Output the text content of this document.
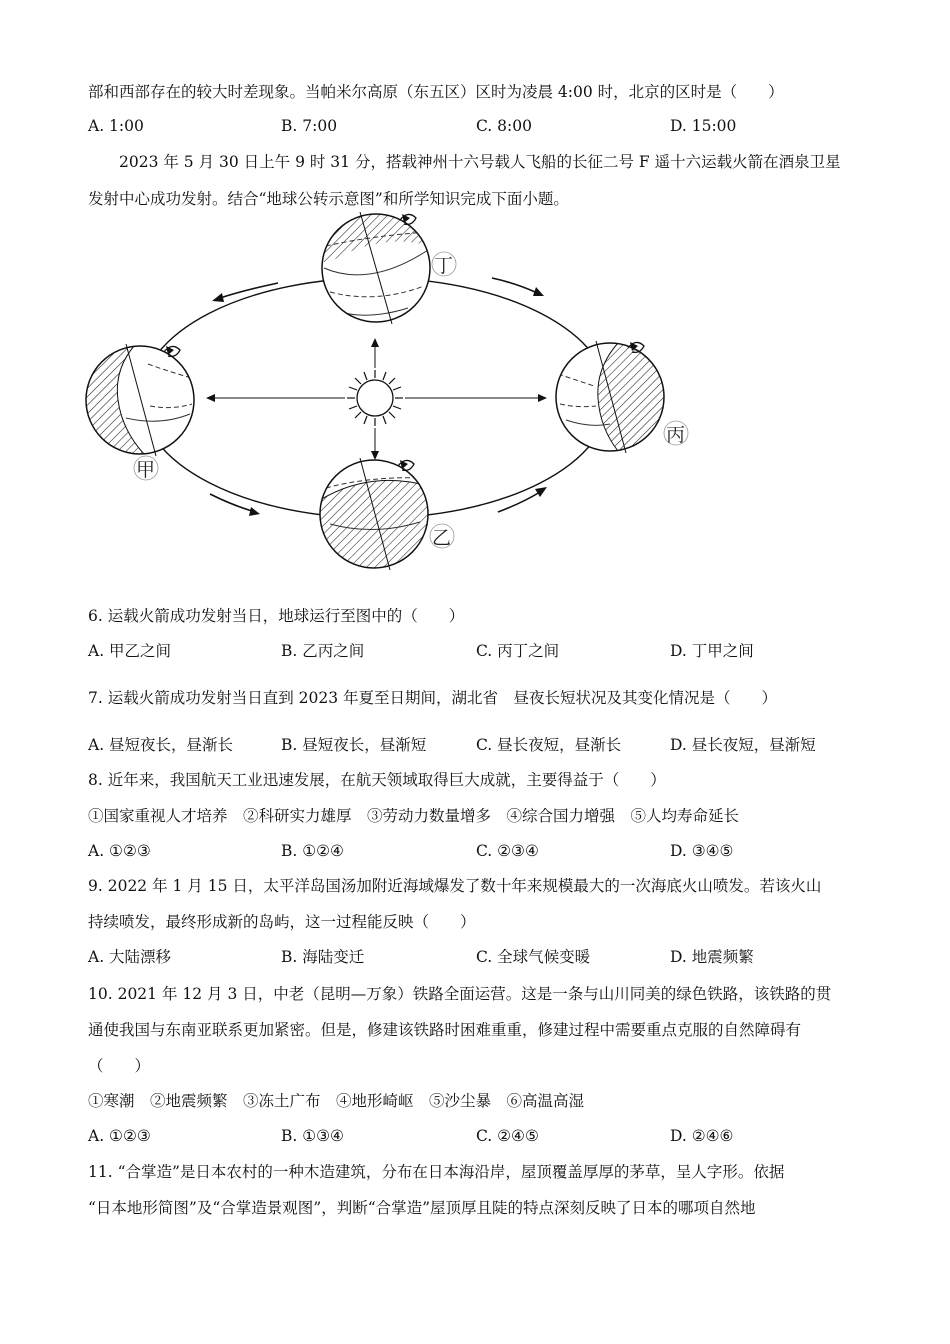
部和西部存在的较大时差现象。当帕米尔高原（东五区）区时为凌晨 4:00 时，北京的区时是（　　）
A. 1:00	B. 7:00	C. 8:00	D. 15:00
2023 年 5 月 30 日上午 9 时 31 分，搭载神州十六号载人飞船的长征二号 F 遥十六运载火箭在酒泉卫星
发射中心成功发射。结合“地球公转示意图”和所学知识完成下面小题。
丁
甲
丙
乙
6. 运载火箭成功发射当日，地球运行至图中的（　　）
A. 甲乙之间	B. 乙丙之间	C. 丙丁之间	D. 丁甲之间
7. 运载火箭成功发射当日直到 2023 年夏至日期间，湖北省　昼夜长短状况及其变化情况是（　　）
A. 昼短夜长，昼渐长	B. 昼短夜长，昼渐短	C. 昼长夜短，昼渐长	D. 昼长夜短，昼渐短
8. 近年来，我国航天工业迅速发展，在航天领域取得巨大成就，主要得益于（　　）
①国家重视人才培养　②科研实力雄厚　③劳动力数量增多　④综合国力增强　⑤人均寿命延长
A. ①②③	B. ①②④	C. ②③④	D. ③④⑤
9. 2022 年 1 月 15 日，太平洋岛国汤加附近海域爆发了数十年来规模最大的一次海底火山喷发。若该火山
持续喷发，最终形成新的岛屿，这一过程能反映（　　）
A. 大陆漂移	B. 海陆变迁	C. 全球气候变暖	D. 地震频繁
10. 2021 年 12 月 3 日，中老（昆明—万象）铁路全面运营。这是一条与山川同美的绿色铁路，该铁路的贯
通使我国与东南亚联系更加紧密。但是，修建该铁路时困难重重，修建过程中需要重点克服的自然障碍有
（　　）
①寒潮　②地震频繁　③冻土广布　④地形崎岖　⑤沙尘暴　⑥高温高湿
A. ①②③	B. ①③④	C. ②④⑤	D. ②④⑥
11. “合掌造”是日本农村的一种木造建筑，分布在日本海沿岸，屋顶覆盖厚厚的茅草，呈人字形。依据
“日本地形简图”及“合掌造景观图”，判断“合掌造”屋顶厚且陡的特点深刻反映了日本的哪项自然地
